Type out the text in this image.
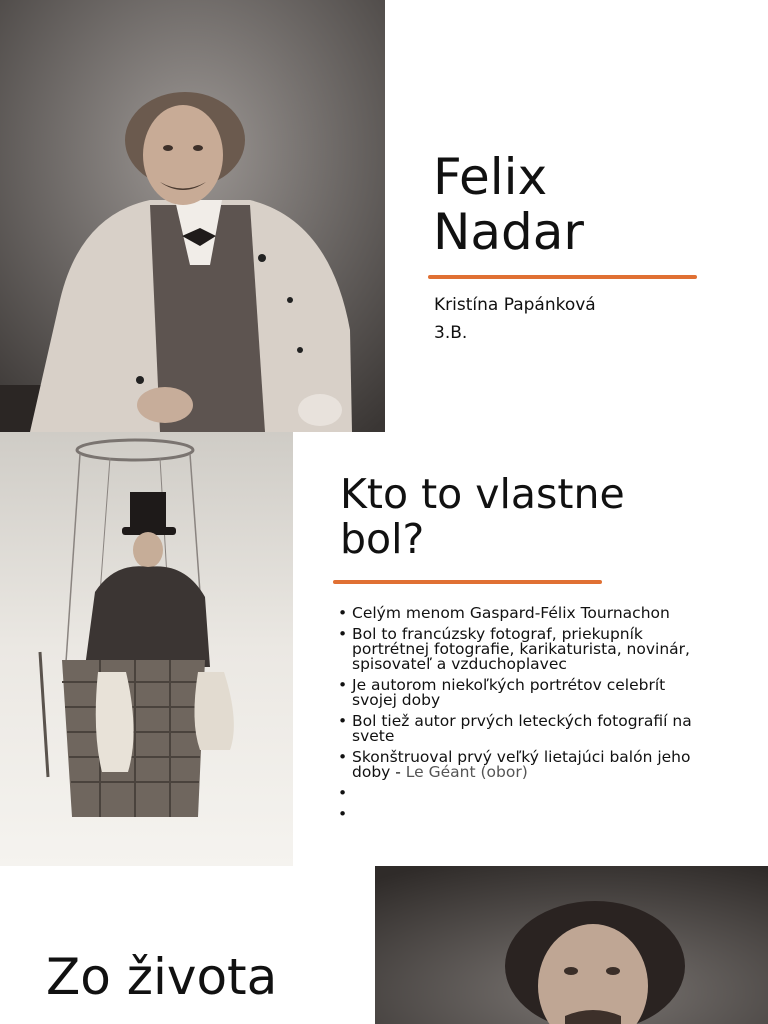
Felix
Nadar

Kristína Papánková

3.B.

Kto to vlastne
bol?
• Celým menom Gaspard-Félix Tournachon
• Bol to francúzsky fotograf, priekupník portrétnej fotografie, karikaturista, novinár, spisovateľ a vzduchoplavec
• Je autorom niekoľkých portrétov celebrít svojej doby
• Bol tiež autor prvých leteckých fotografií na svete
• Skonštruoval prvý veľký lietajúci balón jeho doby - Le Géant (obor)
•
•
Zo života
